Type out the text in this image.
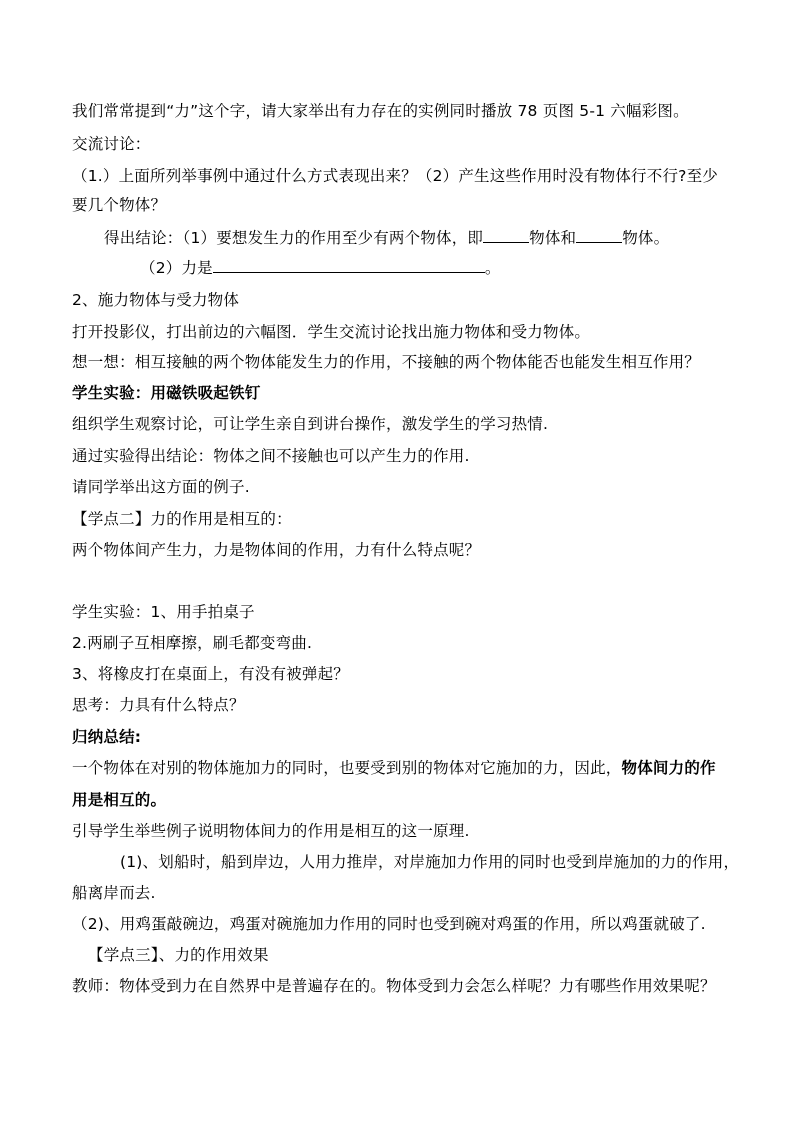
我们常常提到“力”这个字，请大家举出有力存在的实例同时播放 78 页图 5-1 六幅彩图。
交流讨论：
（1.）上面所列举事例中通过什么方式表现出来？（2）产生这些作用时没有物体行不行?至少
要几个物体？
得出结论：（1）要想发生力的作用至少有两个物体，即	物体和	物体。
（2）力是	。
2、施力物体与受力物体
打开投影仪，打出前边的六幅图．学生交流讨论找出施力物体和受力物体。
想一想：相互接触的两个物体能发生力的作用，不接触的两个物体能否也能发生相互作用？
学生实验：用磁铁吸起铁钉
组织学生观察讨论，可让学生亲自到讲台操作，激发学生的学习热情.
通过实验得出结论：物体之间不接触也可以产生力的作用.
请同学举出这方面的例子.
【学点二】力的作用是相互的：
两个物体间产生力，力是物体间的作用，力有什么特点呢？
学生实验：1、用手拍桌子
2.两刷子互相摩擦，刷毛都变弯曲.
3、将橡皮打在桌面上，有没有被弹起？
思考：力具有什么特点？
归纳总结:
一个物体在对别的物体施加力的同时，也要受到别的物体对它施加的力，因此，物体间力的作
用是相互的。
引导学生举些例子说明物体间力的作用是相互的这一原理.
(1)、划船时，船到岸边，人用力推岸，对岸施加力作用的同时也受到岸施加的力的作用，
船离岸而去.
（2)、用鸡蛋敲碗边，鸡蛋对碗施加力作用的同时也受到碗对鸡蛋的作用，所以鸡蛋就破了.
【学点三】、力的作用效果
教师：物体受到力在自然界中是普遍存在的。物体受到力会怎么样呢？力有哪些作用效果呢？
